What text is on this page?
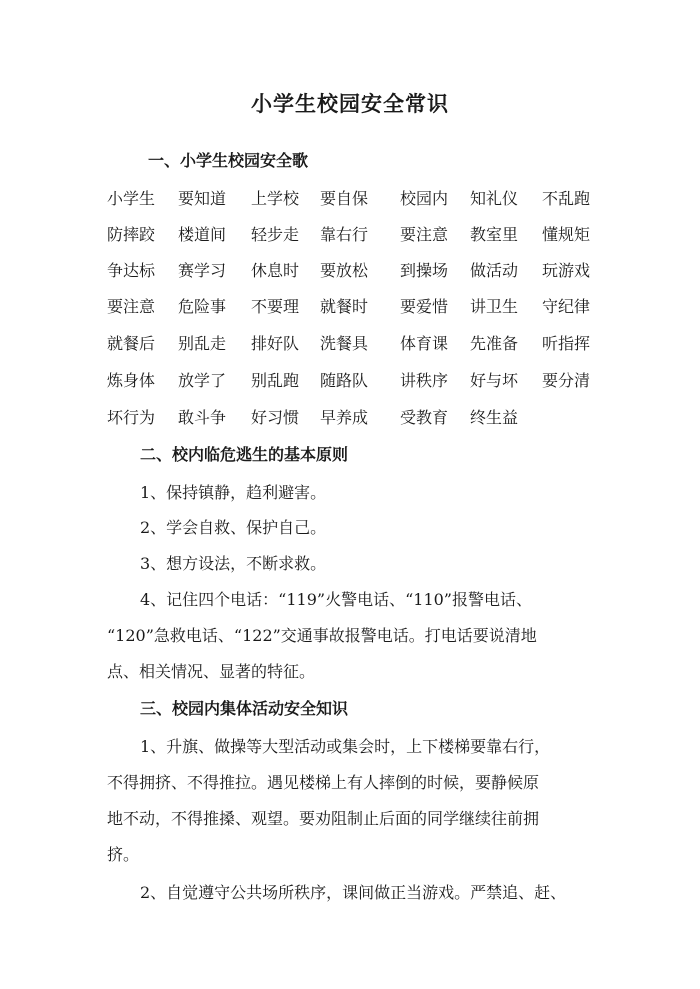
小学生校园安全常识
一、小学生校园安全歌
小学生 要知道 上学校 要自保 校园内 知礼仪 不乱跑
防摔跤 楼道间 轻步走 靠右行 要注意 教室里 懂规矩
争达标 赛学习 休息时 要放松 到操场 做活动 玩游戏
要注意 危险事 不要理 就餐时 要爱惜 讲卫生 守纪律
就餐后 别乱走 排好队 洗餐具 体育课 先准备 听指挥
炼身体 放学了 别乱跑 随路队 讲秩序 好与坏 要分清
坏行为 敢斗争 好习惯 早养成 受教育 终生益
二、校内临危逃生的基本原则
1、保持镇静，趋利避害。
2、学会自救、保护自己。
3、想方设法，不断求救。
4、记住四个电话：“119”火警电话、“110”报警电话、
“120”急救电话、“122”交通事故报警电话。打电话要说清地
点、相关情况、显著的特征。
三、校园内集体活动安全知识
1、升旗、做操等大型活动或集会时，上下楼梯要靠右行，
不得拥挤、不得推拉。遇见楼梯上有人摔倒的时候，要静候原
地不动，不得推搡、观望。要劝阻制止后面的同学继续往前拥
挤。
2、自觉遵守公共场所秩序，课间做正当游戏。严禁追、赶、
